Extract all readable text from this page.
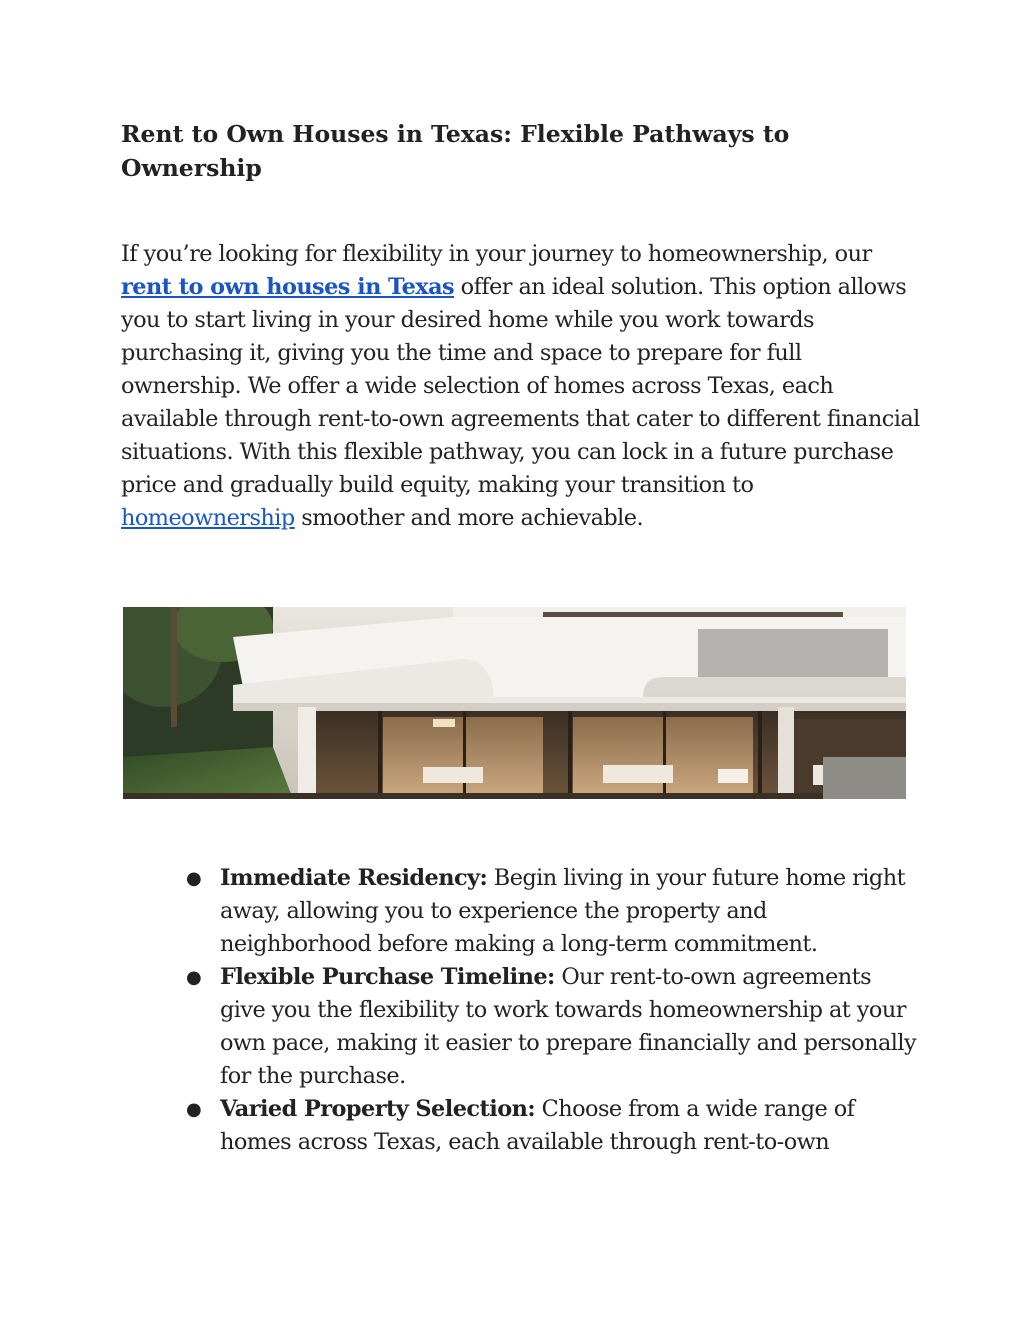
Rent to Own Houses in Texas: Flexible Pathways to Ownership

If you’re looking for flexibility in your journey to homeownership, our rent to own houses in Texas offer an ideal solution. This option allows you to start living in your desired home while you work towards purchasing it, giving you the time and space to prepare for full ownership. We offer a wide selection of homes across Texas, each available through rent-to-own agreements that cater to different financial situations. With this flexible pathway, you can lock in a future purchase price and gradually build equity, making your transition to homeownership smoother and more achievable.

● Immediate Residency: Begin living in your future home right away, allowing you to experience the property and neighborhood before making a long-term commitment.
● Flexible Purchase Timeline: Our rent-to-own agreements give you the flexibility to work towards homeownership at your own pace, making it easier to prepare financially and personally for the purchase.
● Varied Property Selection: Choose from a wide range of homes across Texas, each available through rent-to-own
